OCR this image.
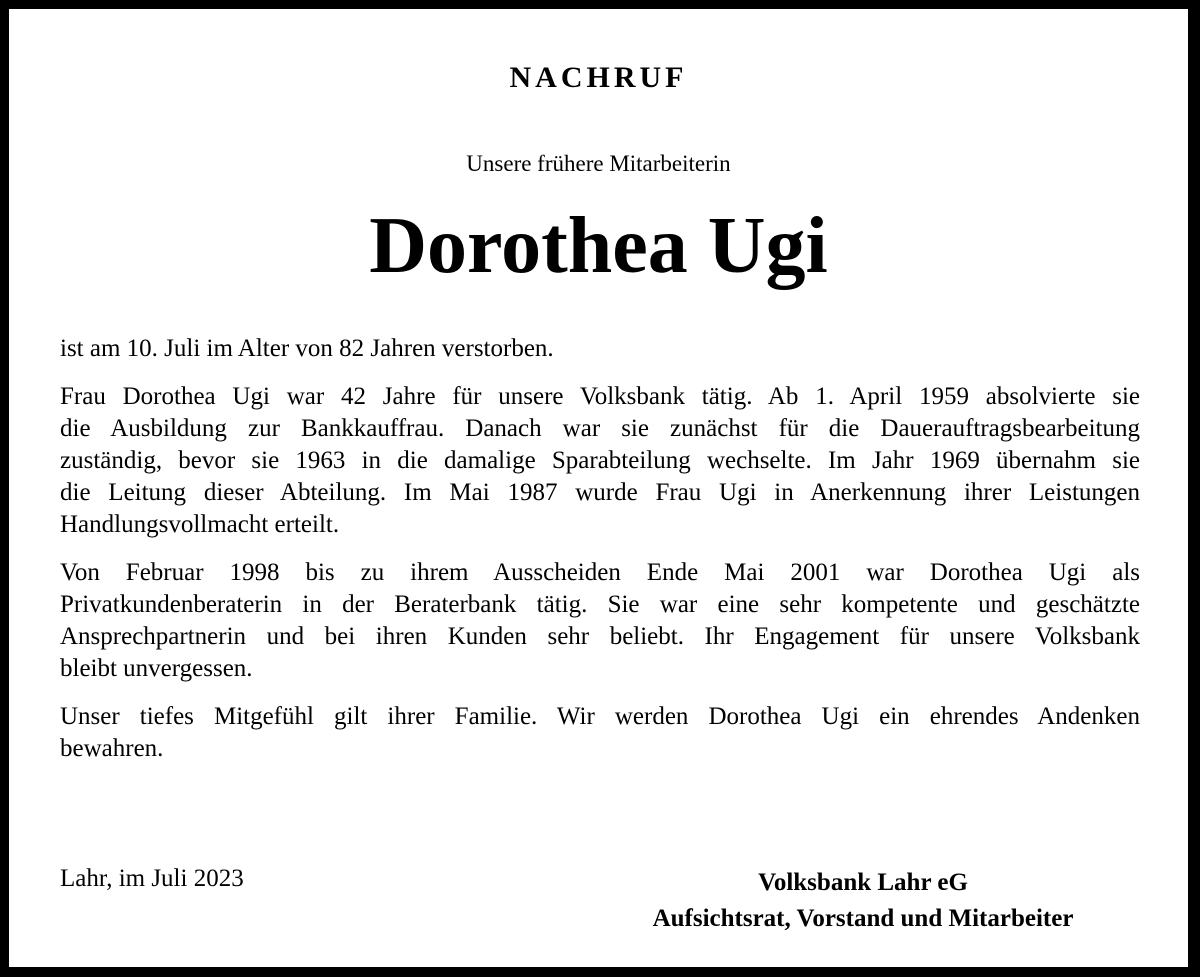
NACHRUF
Unsere frühere Mitarbeiterin
Dorothea Ugi
ist am 10. Juli im Alter von 82 Jahren verstorben.
Frau Dorothea Ugi war 42 Jahre für unsere Volksbank tätig. Ab 1. April 1959 absolvierte sie
die Ausbildung zur Bankkauffrau. Danach war sie zunächst für die Dauerauftragsbearbeitung
zuständig, bevor sie 1963 in die damalige Sparabteilung wechselte. Im Jahr 1969 übernahm sie
die Leitung dieser Abteilung. Im Mai 1987 wurde Frau Ugi in Anerkennung ihrer Leistungen
Handlungsvollmacht erteilt.
Von Februar 1998 bis zu ihrem Ausscheiden Ende Mai 2001 war Dorothea Ugi als
Privatkundenberaterin in der Beraterbank tätig. Sie war eine sehr kompetente und geschätzte
Ansprechpartnerin und bei ihren Kunden sehr beliebt. Ihr Engagement für unsere Volksbank
bleibt unvergessen.
Unser tiefes Mitgefühl gilt ihrer Familie. Wir werden Dorothea Ugi ein ehrendes Andenken
bewahren.
Lahr, im Juli 2023	Volksbank Lahr eG
Aufsichtsrat, Vorstand und Mitarbeiter
